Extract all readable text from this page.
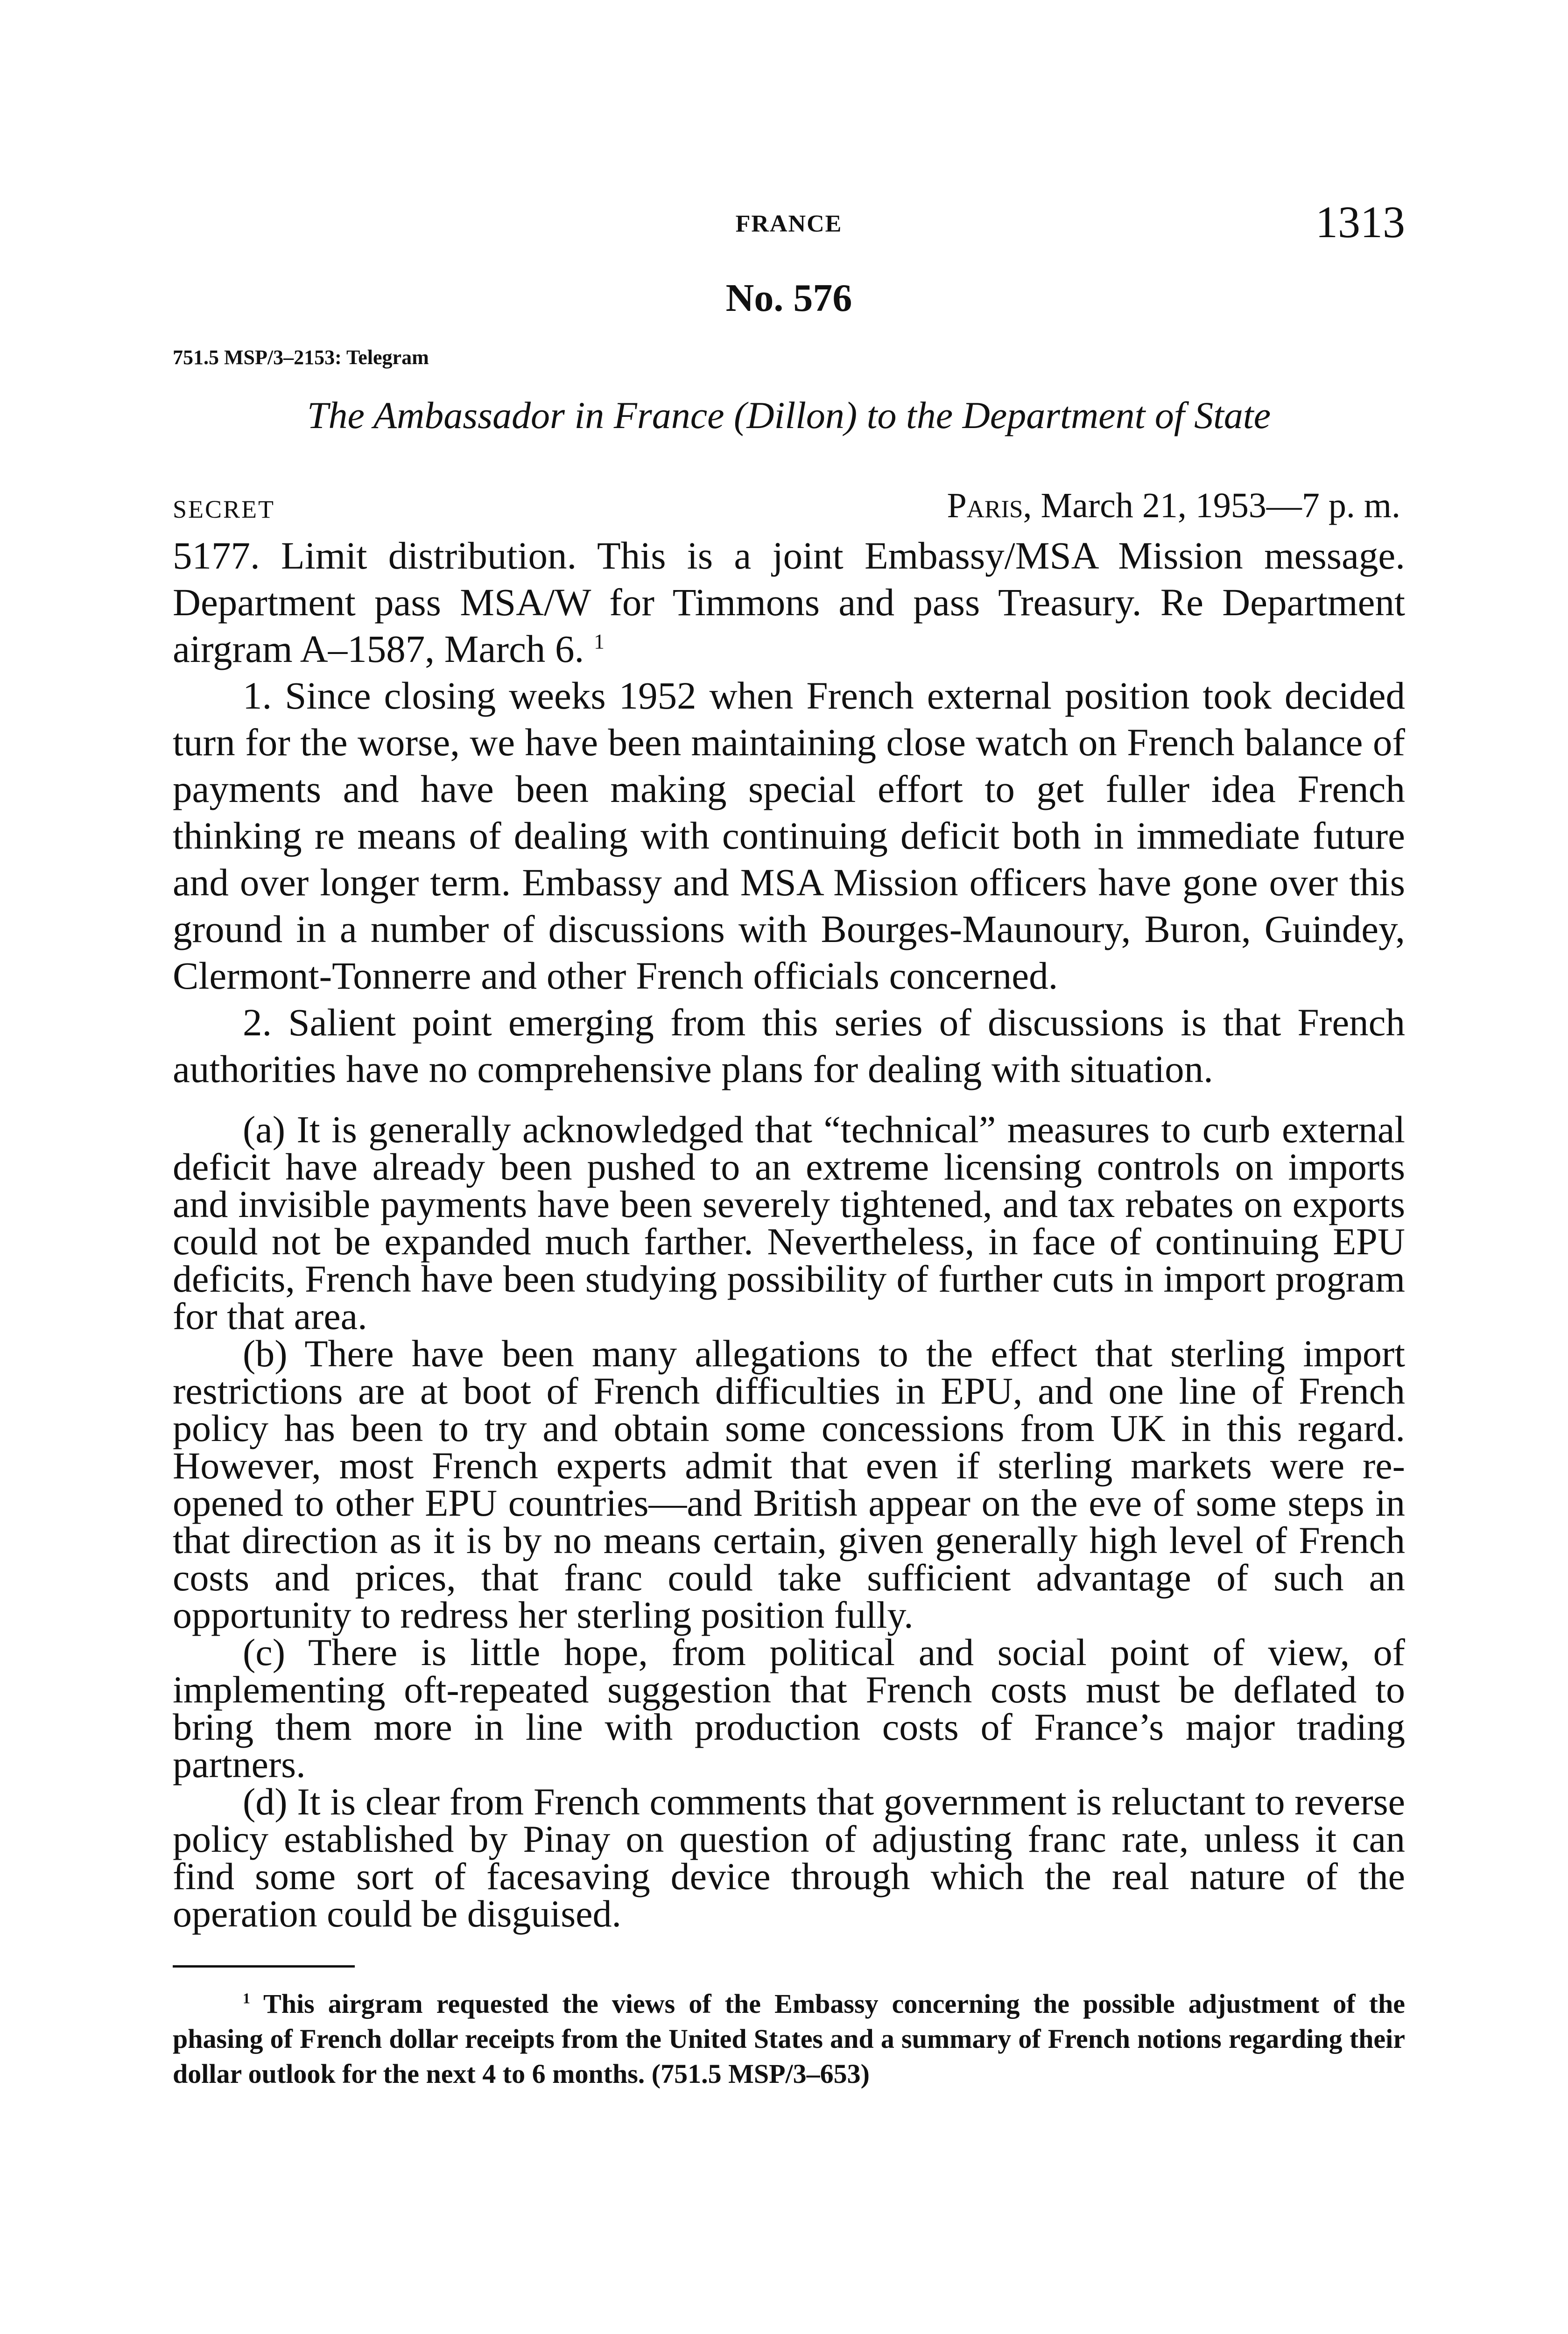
FRANCE	1313
No. 576
751.5 MSP/3–2153: Telegram
The Ambassador in France (Dillon) to the Department of State
SECRET	Paris, March 21, 1953—7 p. m.

5177. Limit distribution. This is a joint Embassy/MSA Mission message. Department pass MSA/W for Timmons and pass Treasury. Re Department airgram A–1587, March 6. $^1$

1. Since closing weeks 1952 when French external position took decided turn for the worse, we have been maintaining close watch on French balance of payments and have been making special effort to get fuller idea French thinking re means of dealing with continuing deficit both in immediate future and over longer term. Embassy and MSA Mission officers have gone over this ground in a number of discussions with Bourges-Maunoury, Buron, Guindey, Clermont-Tonnerre and other French officials concerned.

2. Salient point emerging from this series of discussions is that French authorities have no comprehensive plans for dealing with situation.

(a) It is generally acknowledged that “technical” measures to curb external deficit have already been pushed to an extreme licensing controls on imports and invisible payments have been severely tightened, and tax rebates on exports could not be expanded much farther. Nevertheless, in face of continuing EPU deficits, French have been studying possibility of further cuts in import program for that area.

(b) There have been many allegations to the effect that sterling import restrictions are at boot of French difficulties in EPU, and one line of French policy has been to try and obtain some concessions from UK in this regard. However, most French experts admit that even if sterling markets were re-opened to other EPU countries—and British appear on the eve of some steps in that direction as it is by no means certain, given generally high level of French costs and prices, that franc could take sufficient advantage of such an opportunity to redress her sterling position fully.

(c) There is little hope, from political and social point of view, of implementing oft-repeated suggestion that French costs must be deflated to bring them more in line with production costs of France’s major trading partners.

(d) It is clear from French comments that government is reluctant to reverse policy established by Pinay on question of adjusting franc rate, unless it can find some sort of facesaving device through which the real nature of the operation could be disguised.

$^1$ This airgram requested the views of the Embassy concerning the possible adjustment of the phasing of French dollar receipts from the United States and a summary of French notions regarding their dollar outlook for the next 4 to 6 months. (751.5 MSP/3–653)
